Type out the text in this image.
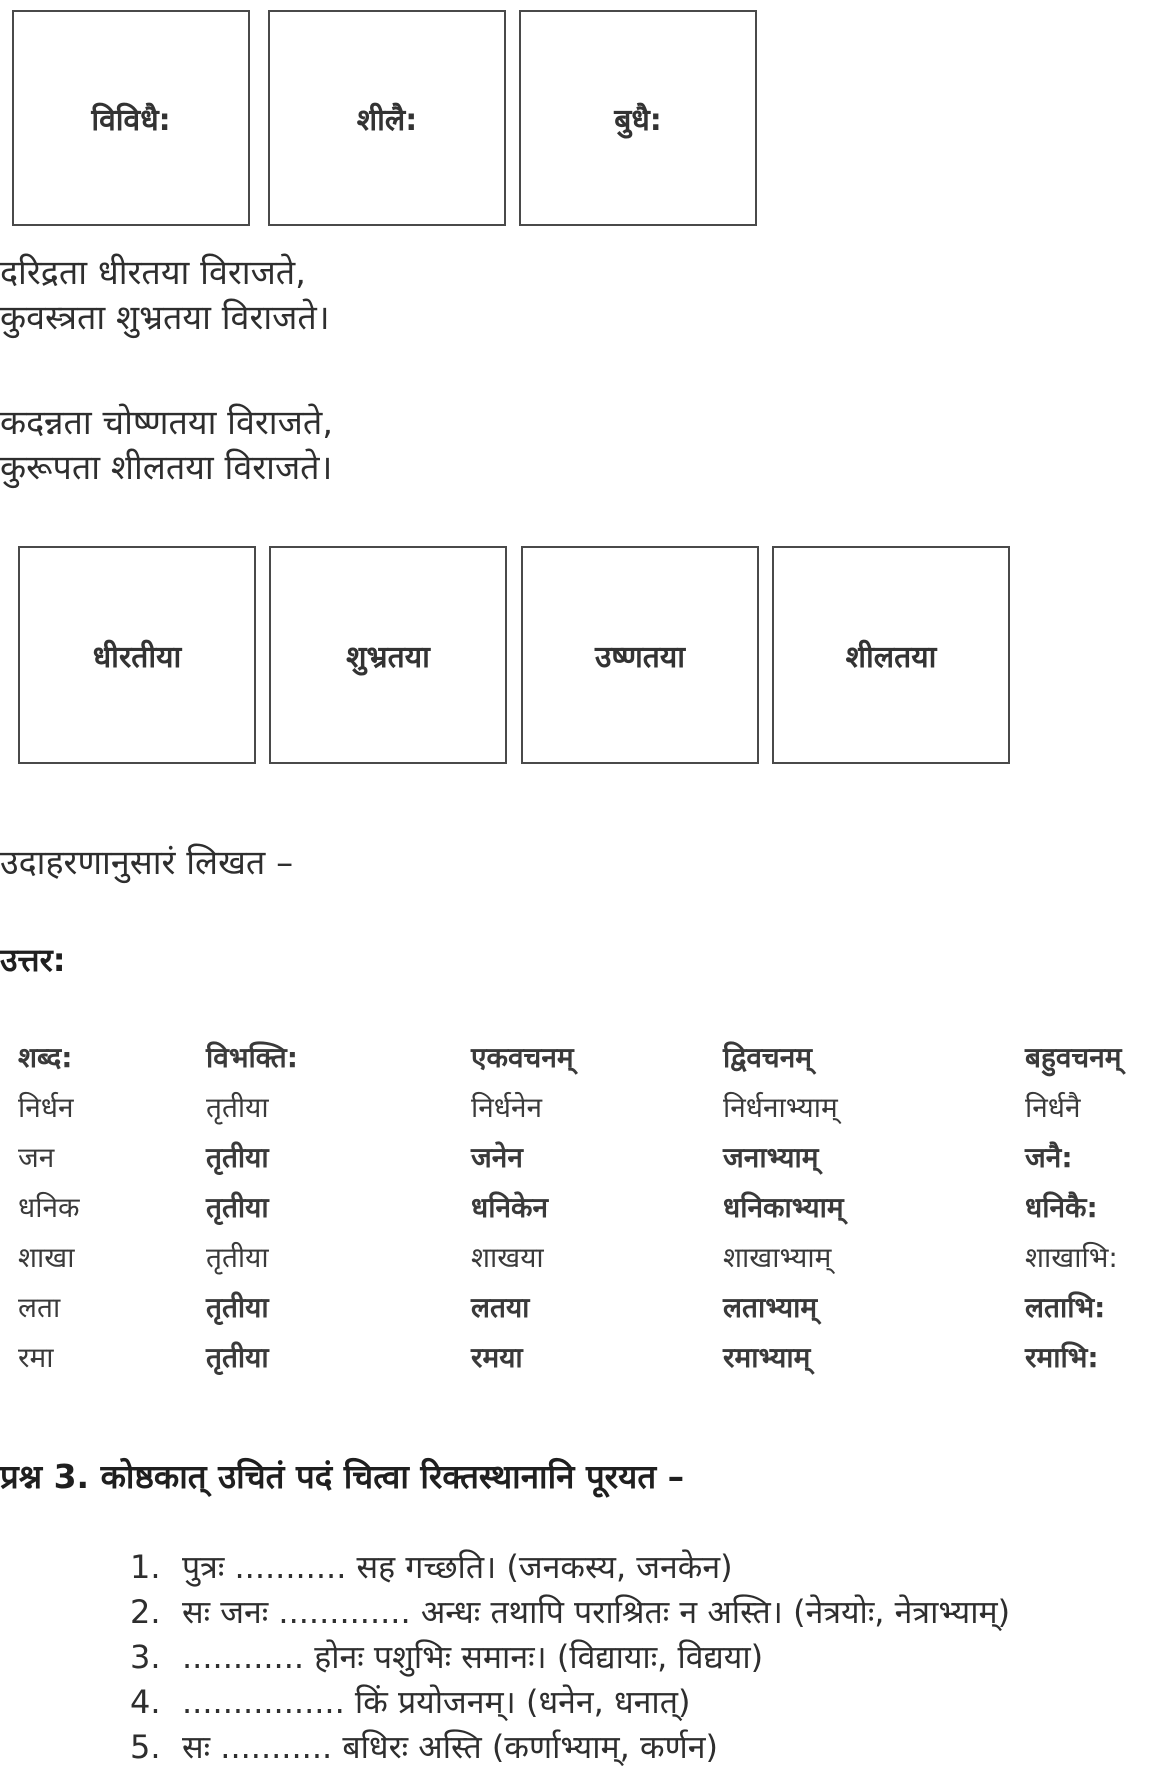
विविधै:	शीलै:	बुधै:
दरिद्रता धीरतया विराजते,
कुवस्त्रता शुभ्रतया विराजते।
कदन्नता चोष्णतया विराजते,
कुरूपता शीलतया विराजते।
धीरतीया	शुभ्रतया	उष्णतया	शीलतया
उदाहरणानुसारं लिखत –
उत्तर:
शब्द:	विभक्ति:	एकवचनम्	द्विवचनम्	बहुवचनम्
निर्धन	तृतीया	निर्धनेन	निर्धनाभ्याम्	निर्धनै
जन	तृतीया	जनेन	जनाभ्याम्	जनै:
धनिक	तृतीया	धनिकेन	धनिकाभ्याम्	धनिकै:
शाखा	तृतीया	शाखया	शाखाभ्याम्	शाखाभि:
लता	तृतीया	लतया	लताभ्याम्	लताभि:
रमा	तृतीया	रमया	रमाभ्याम्	रमाभि:
प्रश्न 3. कोष्ठकात् उचितं पदं चित्वा रिक्तस्थानानि पूरयत –
1. पुत्रः ........... सह गच्छति। (जनकस्य, जनकेन)
2. सः जनः ............. अन्धः तथापि पराश्रितः न अस्ति। (नेत्रयोः, नेत्राभ्याम्)
3. ............ होनः पशुभिः समानः। (विद्यायाः, विद्यया)
4. ................ किं प्रयोजनम्। (धनेन, धनात्)
5. सः ........... बधिरः अस्ति (कर्णाभ्याम्, कर्णन)
